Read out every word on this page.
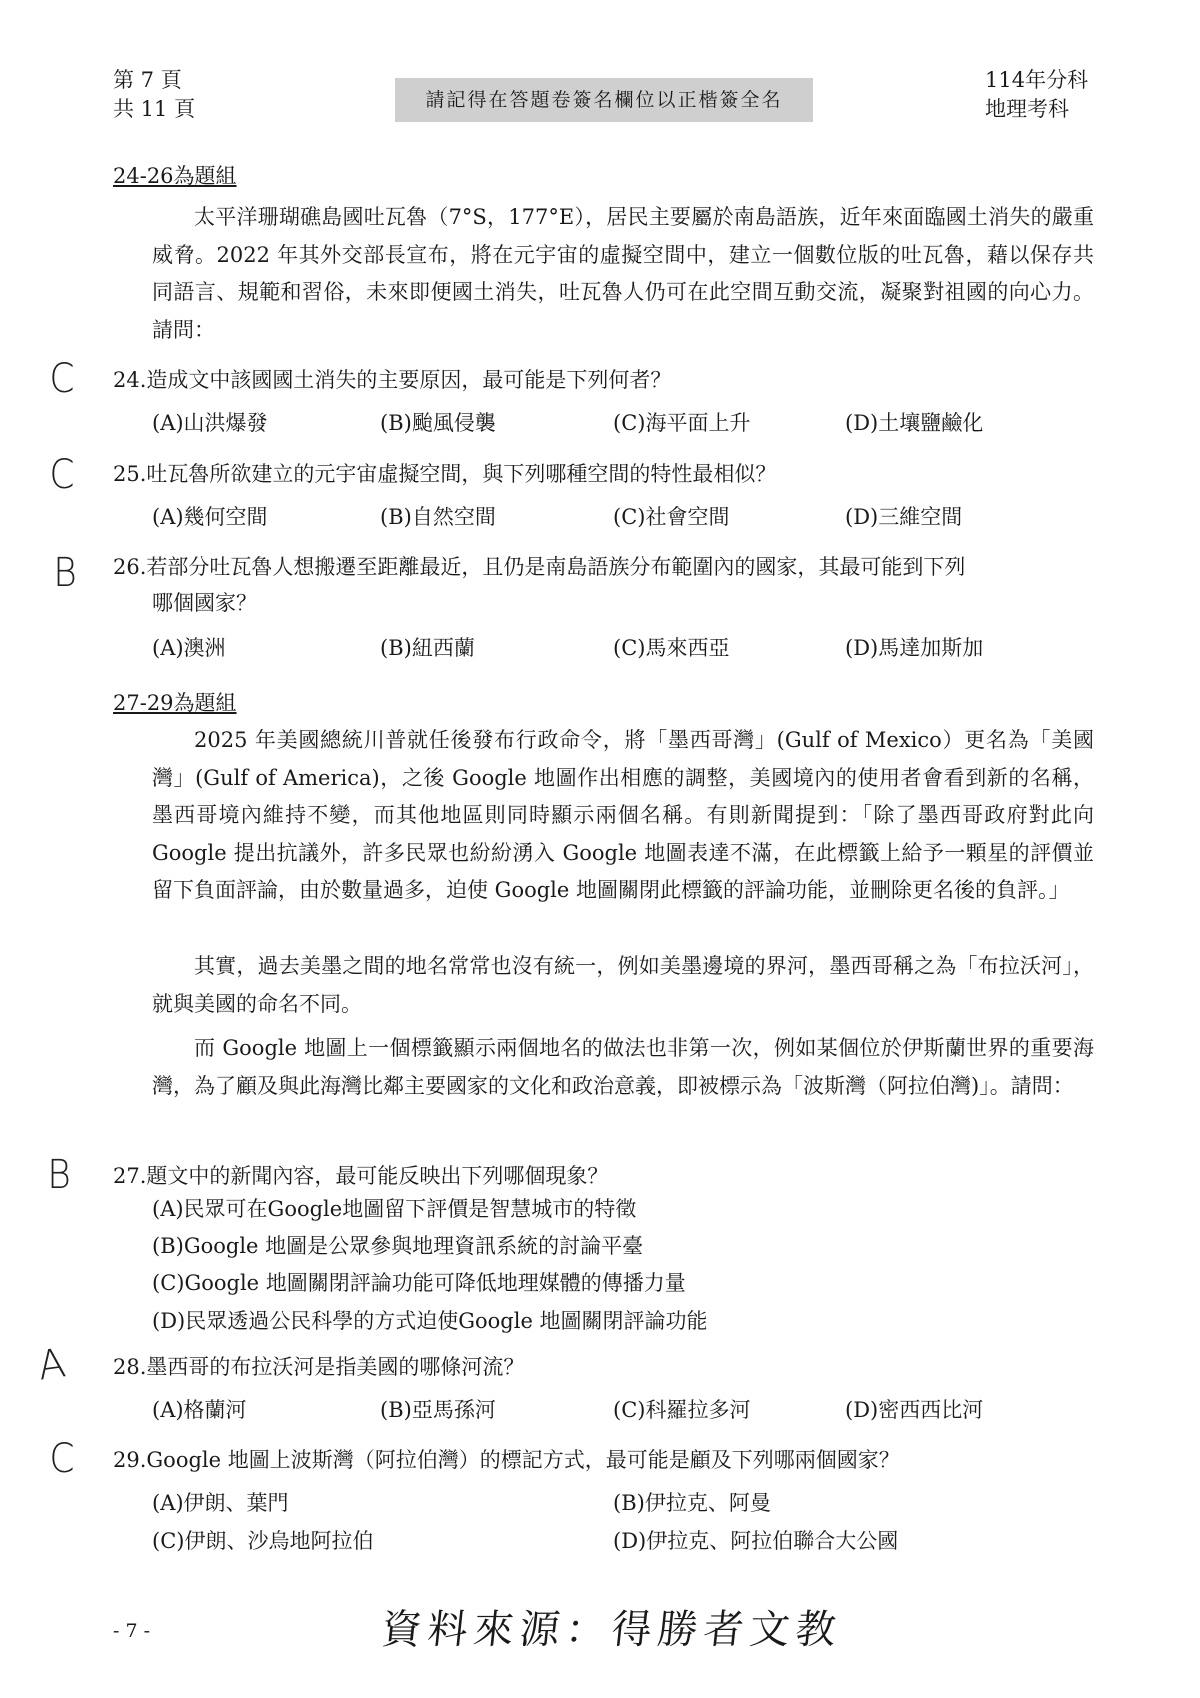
第 7 頁
共 11 頁	請記得在答題卷簽名欄位以正楷簽全名
114年分科
地理考科
24-26為題組
太平洋珊瑚礁島國吐瓦魯（7°S，177°E），居民主要屬於南島語族，近年來面臨國土消失的嚴重威脅。2022 年其外交部長宣布，將在元宇宙的虛擬空間中，建立一個數位版的吐瓦魯，藉以保存共同語言、規範和習俗，未來即便國土消失，吐瓦魯人仍可在此空間互動交流，凝聚對祖國的向心力。請問：
C 24.造成文中該國國土消失的主要原因，最可能是下列何者？
(A)山洪爆發	(B)颱風侵襲	(C)海平面上升	(D)土壤鹽鹼化
C 25.吐瓦魯所欲建立的元宇宙虛擬空間，與下列哪種空間的特性最相似？
(A)幾何空間	(B)自然空間	(C)社會空間	(D)三維空間
B 26.若部分吐瓦魯人想搬遷至距離最近，且仍是南島語族分布範圍內的國家，其最可能到下列
哪個國家？
(A)澳洲	(B)紐西蘭	(C)馬來西亞	(D)馬達加斯加
27-29為題組
2025 年美國總統川普就任後發布行政命令，將「墨西哥灣」(Gulf of Mexico）更名為「美國灣」(Gulf of America)，之後 Google 地圖作出相應的調整，美國境內的使用者會看到新的名稱，墨西哥境內維持不變，而其他地區則同時顯示兩個名稱。有則新聞提到：「除了墨西哥政府對此向 Google 提出抗議外，許多民眾也紛紛湧入 Google 地圖表達不滿，在此標籤上給予一顆星的評價並留下負面評論，由於數量過多，迫使 Google 地圖關閉此標籤的評論功能，並刪除更名後的負評。」
其實，過去美墨之間的地名常常也沒有統一，例如美墨邊境的界河，墨西哥稱之為「布拉沃河」，就與美國的命名不同。
而 Google 地圖上一個標籤顯示兩個地名的做法也非第一次，例如某個位於伊斯蘭世界的重要海灣，為了顧及與此海灣比鄰主要國家的文化和政治意義，即被標示為「波斯灣（阿拉伯灣)」。請問：
B 27.題文中的新聞內容，最可能反映出下列哪個現象？
(A)民眾可在Google地圖留下評價是智慧城市的特徵
(B)Google 地圖是公眾參與地理資訊系統的討論平臺
(C)Google 地圖關閉評論功能可降低地理媒體的傳播力量
(D)民眾透過公民科學的方式迫使Google 地圖關閉評論功能
A 28.墨西哥的布拉沃河是指美國的哪條河流？
(A)格蘭河	(B)亞馬孫河	(C)科羅拉多河	(D)密西西比河
C 29.Google 地圖上波斯灣（阿拉伯灣）的標記方式，最可能是顧及下列哪兩個國家？
(A)伊朗、葉門	(B)伊拉克、阿曼
(C)伊朗、沙烏地阿拉伯	(D)伊拉克、阿拉伯聯合大公國
- 7 -	資料來源：得勝者文教
